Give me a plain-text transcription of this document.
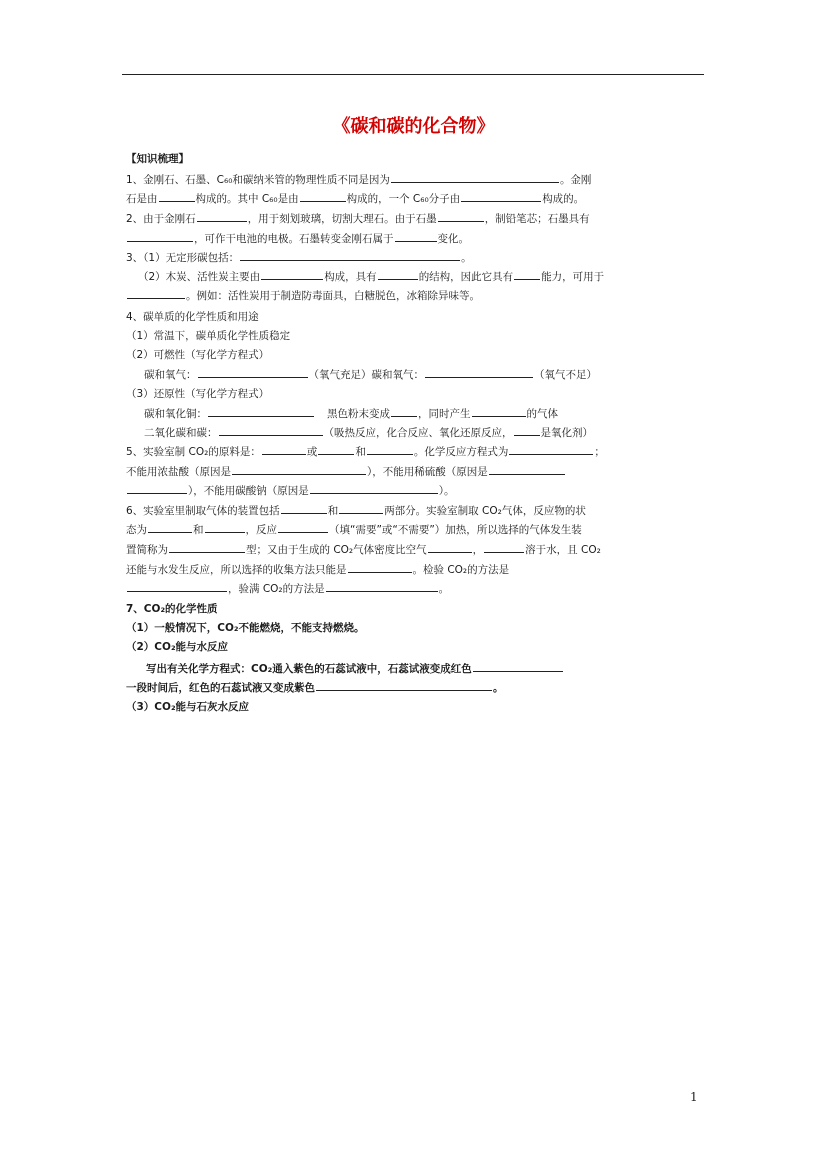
《碳和碳的化合物》
【知识梳理】
1、金刚石、石墨、C₆₀和碳纳米管的物理性质不同是因为	。金刚
石是由	构成的。其中 C₆₀是由	构成的，一个 C₆₀分子由	构成的。
2、由于金刚石	，用于刻划玻璃，切割大理石。由于石墨	，制铅笔芯；石墨具有
，可作干电池的电极。石墨转变金刚石属于	变化。
3、（1）无定形碳包括：	。
（2）木炭、活性炭主要由	构成，具有	的结构，因此它具有	能力，可用于
。例如：活性炭用于制造防毒面具，白糖脱色，冰箱除异味等。
4、碳单质的化学性质和用途
（1）常温下，碳单质化学性质稳定
（2）可燃性（写化学方程式）
碳和氧气：	（氧气充足）碳和氧气：	（氧气不足）
（3）还原性（写化学方程式）
碳和氧化铜：	黑色粉末变成	，同时产生	的气体
二氧化碳和碳：	（吸热反应，化合反应、氧化还原反应，	是氧化剂）
5、实验室制 CO₂的原料是：	或	和	。化学反应方程式为	；
不能用浓盐酸（原因是	），不能用稀硫酸（原因是
），不能用碳酸钠（原因是	）。
6、实验室里制取气体的装置包括	和	两部分。实验室制取 CO₂气体，反应物的状
态为	和	，反应	（填“需要”或“不需要”）加热，所以选择的气体发生装
置简称为	型；又由于生成的 CO₂气体密度比空气	，	溶于水，且 CO₂
还能与水发生反应，所以选择的收集方法只能是	。检验 CO₂的方法是
，验满 CO₂的方法是	。
7、CO₂的化学性质
（1）一般情况下，CO₂不能燃烧，不能支持燃烧。
（2）CO₂能与水反应
写出有关化学方程式：CO₂通入紫色的石蕊试液中，石蕊试液变成红色
一段时间后，红色的石蕊试液又变成紫色	。
（3）CO₂能与石灰水反应
1
